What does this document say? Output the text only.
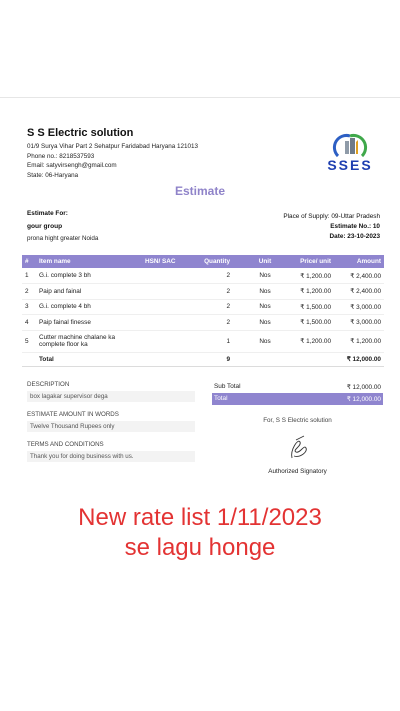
S S Electric solution
01/9 Surya Vihar Part 2 Sehatpur Faridabad Haryana 121013
Phone no.: 8218537593
Email: satyvirsengh@gmail.com
State: 06-Haryana
SSES
Estimate
Estimate For:
gour group
prona hight greater Noida
Place of Supply: 09-Uttar Pradesh
Estimate No.: 10
Date: 23-10-2023
#	Item name	HSN/ SAC	Quantity	Unit	Price/ unit	Amount
1	G.i. complete 3 bh		2	Nos	₹ 1,200.00	₹ 2,400.00
2	Paip and fainal		2	Nos	₹ 1,200.00	₹ 2,400.00
3	G.i. complete 4 bh		2	Nos	₹ 1,500.00	₹ 3,000.00
4	Paip fainal finesse		2	Nos	₹ 1,500.00	₹ 3,000.00
5	Cutter machine chalane ka complete floor ka		1	Nos	₹ 1,200.00	₹ 1,200.00
	Total		9			₹ 12,000.00
DESCRIPTION
box lagakar supervisor dega
ESTIMATE AMOUNT IN WORDS
Twelve Thousand Rupees only
TERMS AND CONDITIONS
Thank you for doing business with us.
Sub Total	₹ 12,000.00
Total	₹ 12,000.00
For, S S Electric solution
Authorized Signatory
New rate list 1/11/2023
se lagu honge
